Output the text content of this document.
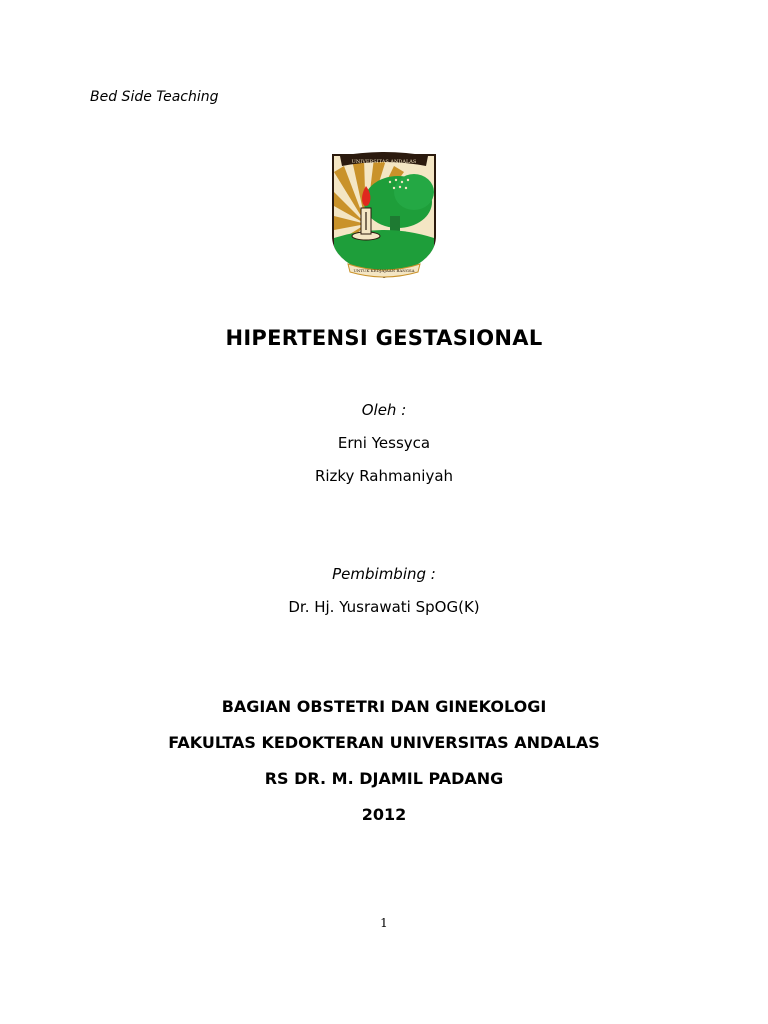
Bed Side Teaching
UNIVERSITAS ANDALAS
UNTUK KEDJAJAAN BANGSA
HIPERTENSI GESTASIONAL
Oleh :
Erni Yessyca
Rizky Rahmaniyah
Pembimbing :
Dr. Hj. Yusrawati SpOG(K)
BAGIAN OBSTETRI DAN GINEKOLOGI
FAKULTAS KEDOKTERAN UNIVERSITAS ANDALAS
RS DR. M. DJAMIL PADANG
2012
1
